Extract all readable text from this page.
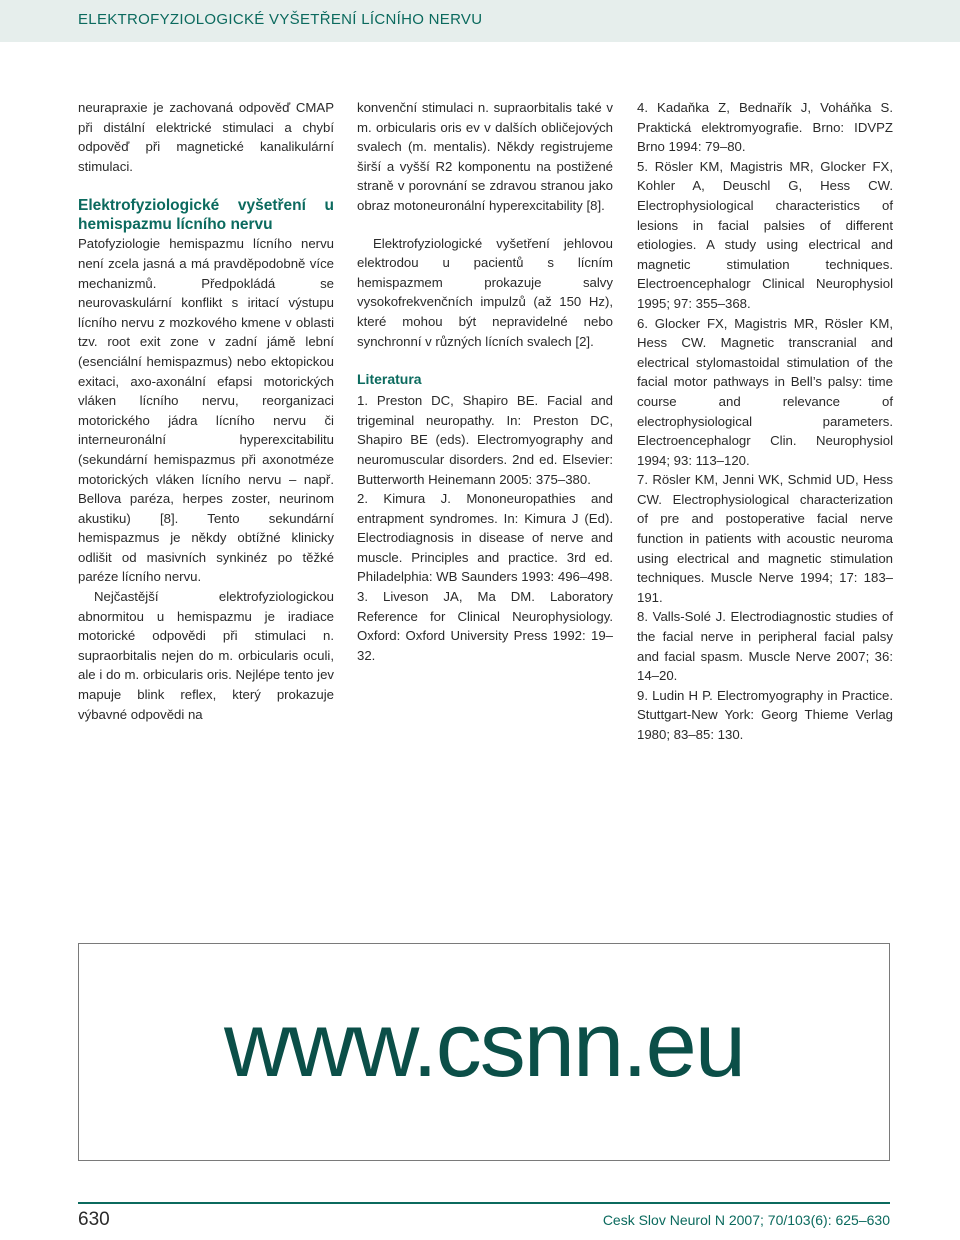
ELEKTROFYZIOLOGICKÉ VYŠETŘENÍ LÍCNÍHO NERVU

neurapraxie je zachovaná odpověď CMAP při distální elektrické stimulaci a chybí odpověď při magnetické kanalikulární stimulaci.

Elektrofyziologické vyšetření u hemispazmu lícního nervu

Patofyziologie hemispazmu lícního nervu není zcela jasná a má pravděpodobně více mechanizmů. Předpokládá se neurovaskulární konflikt s iritací výstupu lícního nervu z mozkového kmene v oblasti tzv. root exit zone v zadní jámě lební (esenciální hemispazmus) nebo ektopickou exitaci, axo-axonální efapsi motorických vláken lícního nervu, reorganizaci motorického jádra lícního nervu či interneuronální hyperexcitabilitu (sekundární hemispazmus při axonotméze motorických vláken lícního nervu – např. Bellova paréza, herpes zoster, neurinom akustiku) [8]. Tento sekundární hemispazmus je někdy obtížné klinicky odlišit od masivních synkinéz po těžké paréze lícního nervu.

Nejčastější elektrofyziologickou abnormitou u hemispazmu je iradiace motorické odpovědi při stimulaci n. supraorbitalis nejen do m. orbicularis oculi, ale i do m. orbicularis oris. Nejlépe tento jev mapuje blink reflex, který prokazuje výbavné odpovědi na

konvenční stimulaci n. supraorbitalis také v m. orbicularis oris ev v dalších obličejových svalech (m. mentalis). Někdy registrujeme širší a vyšší R2 komponentu na postižené straně v porovnání se zdravou stranou jako obraz motoneuronální hyperexcitability [8].

Elektrofyziologické vyšetření jehlovou elektrodou u pacientů s lícním hemispazmem prokazuje salvy vysokofrekvenčních impulzů (až 150 Hz), které mohou být nepravidelné nebo synchronní v různých lícních svalech [2].

Literatura

1. Preston DC, Shapiro BE. Facial and trigeminal neuropathy. In: Preston DC, Shapiro BE (eds). Electromyography and neuromuscular disorders. 2nd ed. Elsevier: Butterworth Heinemann 2005: 375–380.

2. Kimura J. Mononeuropathies and entrapment syndromes. In: Kimura J (Ed). Electrodiagnosis in disease of nerve and muscle. Principles and practice. 3rd ed. Philadelphia: WB Saunders 1993: 496–498.

3. Liveson JA, Ma DM. Laboratory Reference for Clinical Neurophysiology. Oxford: Oxford University Press 1992: 19–32.

4. Kadaňka Z, Bednařík J, Voháňka S. Praktická elektromyografie. Brno: IDVPZ Brno 1994: 79–80.

5. Rösler KM, Magistris MR, Glocker FX, Kohler A, Deuschl G, Hess CW. Electrophysiological characteristics of lesions in facial palsies of different etiologies. A study using electrical and magnetic stimulation techniques. Electroencephalogr Clinical Neurophysiol 1995; 97: 355–368.

6. Glocker FX, Magistris MR, Rösler KM, Hess CW. Magnetic transcranial and electrical stylomastoidal stimulation of the facial motor pathways in Bell’s palsy: time course and relevance of electrophysiological parameters. Electroencephalogr Clin. Neurophysiol 1994; 93: 113–120.

7. Rösler KM, Jenni WK, Schmid UD, Hess CW. Electrophysiological characterization of pre and postoperative facial nerve function in patients with acoustic neuroma using electrical and magnetic stimulation techniques. Muscle Nerve 1994; 17: 183–191.

8. Valls-Solé J. Electrodiagnostic studies of the facial nerve in peripheral facial palsy and facial spasm. Muscle Nerve 2007; 36: 14–20.

9. Ludin H P. Electromyography in Practice. Stuttgart-New York: Georg Thieme Verlag 1980; 83–85: 130.

www.csnn.eu
630	Cesk Slov Neurol N 2007; 70/103(6): 625–630
